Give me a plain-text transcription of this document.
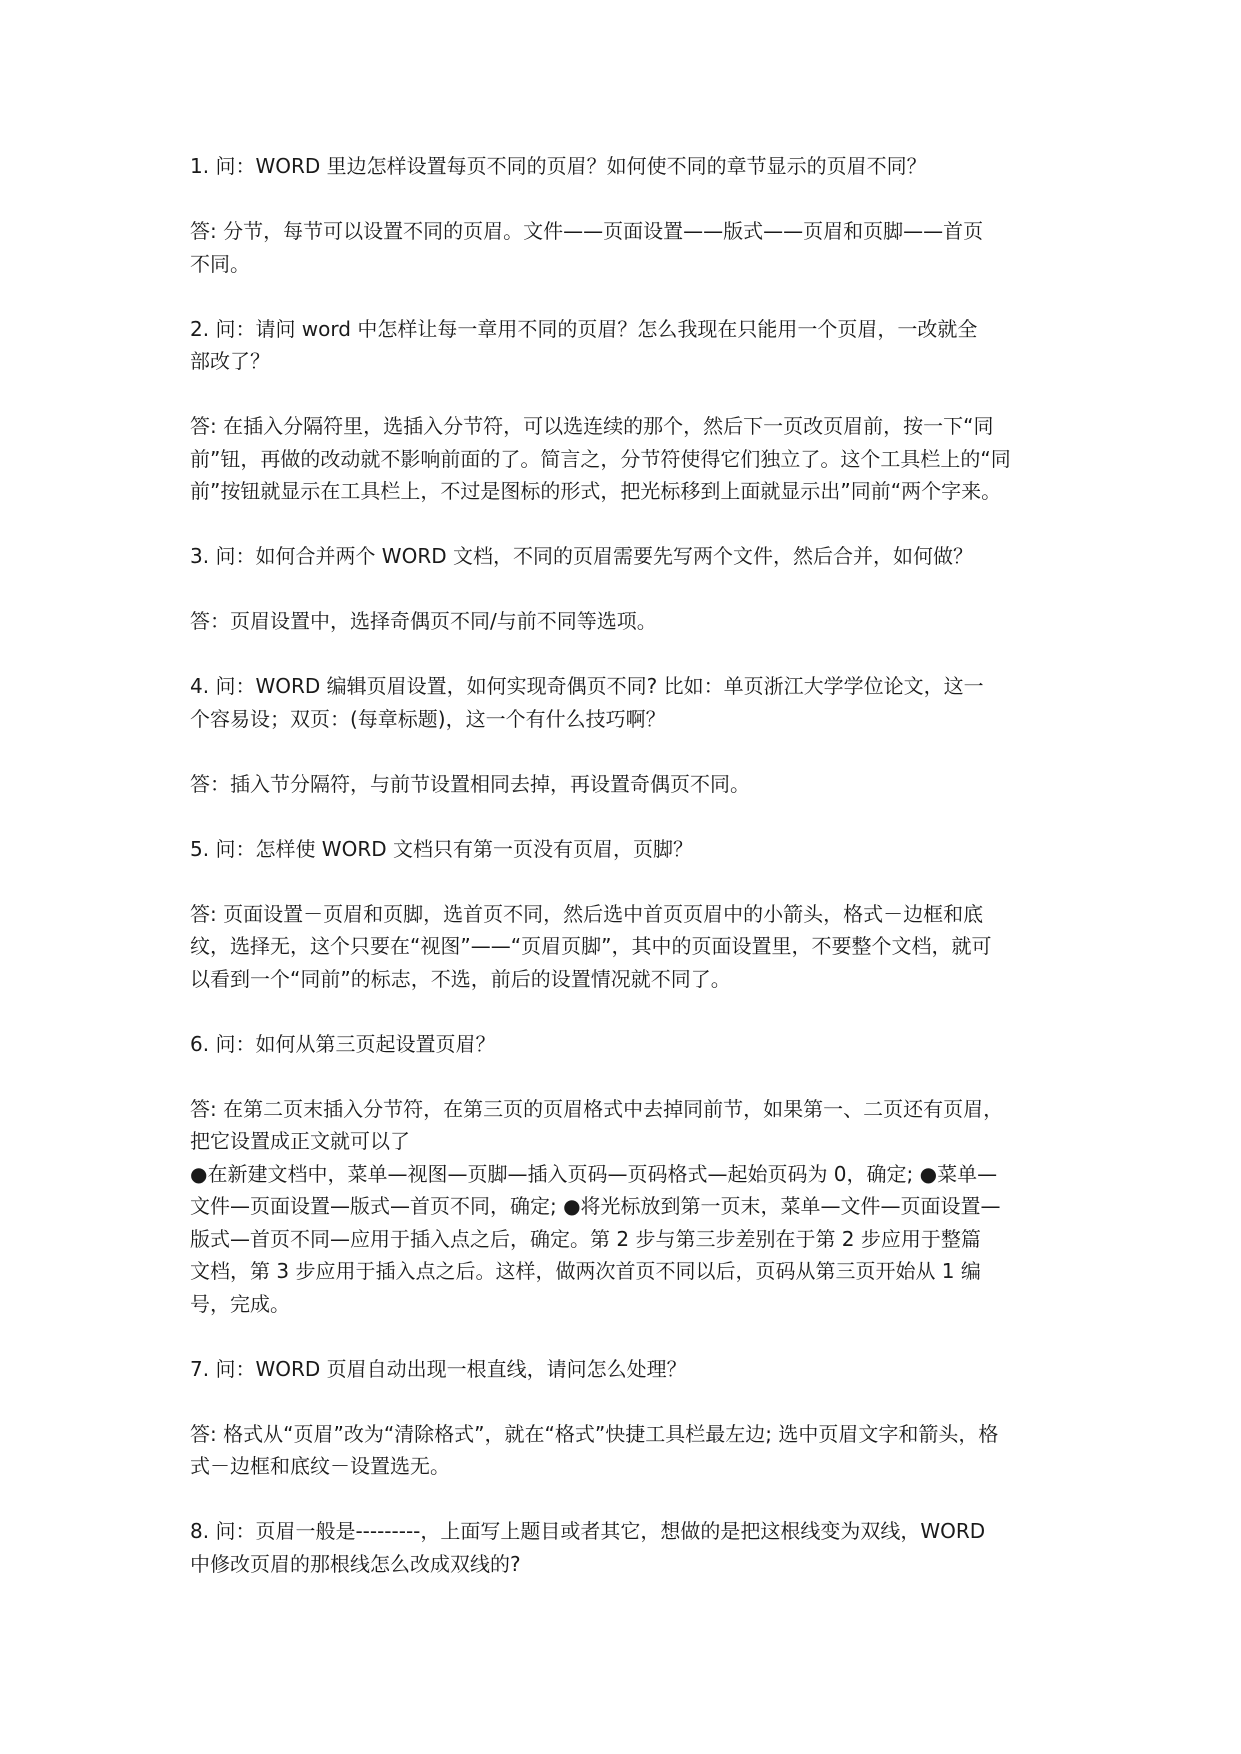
1. 问：WORD 里边怎样设置每页不同的页眉？如何使不同的章节显示的页眉不同？

答: 分节，每节可以设置不同的页眉。文件——页面设置——版式——页眉和页脚——首页
不同。

2. 问：请问 word 中怎样让每一章用不同的页眉？怎么我现在只能用一个页眉，一改就全
部改了？

答: 在插入分隔符里，选插入分节符，可以选连续的那个，然后下一页改页眉前，按一下“同
前”钮，再做的改动就不影响前面的了。简言之，分节符使得它们独立了。这个工具栏上的“同
前”按钮就显示在工具栏上，不过是图标的形式，把光标移到上面就显示出”同前“两个字来。

3. 问：如何合并两个 WORD 文档，不同的页眉需要先写两个文件，然后合并，如何做？

答：页眉设置中，选择奇偶页不同/与前不同等选项。

4. 问：WORD 编辑页眉设置，如何实现奇偶页不同? 比如：单页浙江大学学位论文，这一
个容易设；双页：(每章标题)，这一个有什么技巧啊？

答：插入节分隔符，与前节设置相同去掉，再设置奇偶页不同。

5. 问：怎样使 WORD 文档只有第一页没有页眉，页脚？

答: 页面设置－页眉和页脚，选首页不同，然后选中首页页眉中的小箭头，格式－边框和底
纹，选择无，这个只要在“视图”——“页眉页脚”，其中的页面设置里，不要整个文档，就可
以看到一个“同前”的标志，不选，前后的设置情况就不同了。

6. 问：如何从第三页起设置页眉？

答: 在第二页末插入分节符，在第三页的页眉格式中去掉同前节，如果第一、二页还有页眉，
把它设置成正文就可以了

●在新建文档中，菜单—视图—页脚—插入页码—页码格式—起始页码为 0，确定; ●菜单—
文件—页面设置—版式—首页不同，确定; ●将光标放到第一页末，菜单—文件—页面设置—
版式—首页不同—应用于插入点之后，确定。第 2 步与第三步差别在于第 2 步应用于整篇
文档，第 3 步应用于插入点之后。这样，做两次首页不同以后，页码从第三页开始从 1 编
号，完成。

7. 问：WORD 页眉自动出现一根直线，请问怎么处理？

答: 格式从“页眉”改为“清除格式”，就在“格式”快捷工具栏最左边; 选中页眉文字和箭头，格
式－边框和底纹－设置选无。

8. 问：页眉一般是---------，上面写上题目或者其它，想做的是把这根线变为双线，WORD
中修改页眉的那根线怎么改成双线的?
